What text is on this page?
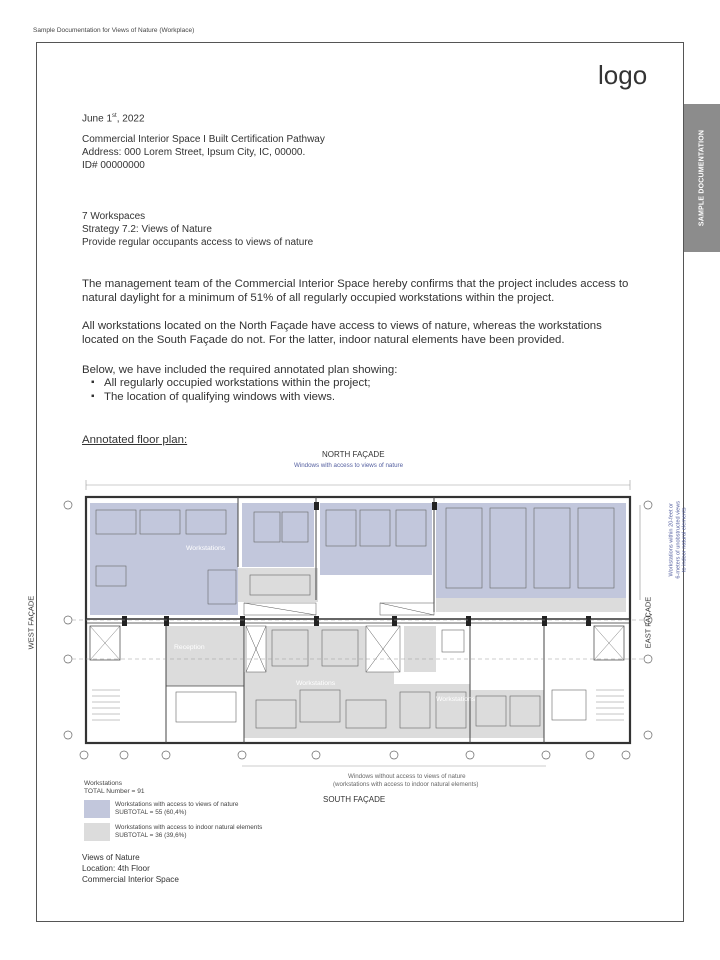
Sample Documentation for Views of Nature (Workplace)
SAMPLE DOCUMENTATION
logo
June 1st, 2022
Commercial Interior Space I Built Certification Pathway
Address: 000 Lorem Street, Ipsum City, IC, 00000.
ID# 00000000
7 Workspaces
Strategy 7.2: Views of Nature
Provide regular occupants access to views of nature
The management team of the Commercial Interior Space hereby confirms that the project includes access to natural daylight for a minimum of 51% of all regularly occupied workstations within the project.
All workstations located on the North Façade have access to views of nature, whereas the workstations located on the South Façade do not. For the latter, indoor natural elements have been provided.
Below, we have included the required annotated plan showing:
▪ All regularly occupied workstations within the project;
▪ The location of qualifying windows with views.
Annotated floor plan:
NORTH FAÇADE
Windows with access to views of nature
Workstations
Reception
Workstations
Workstations
WEST FAÇADE	EAST FAÇADE
Workstations within 20-feet or 6-meters of unobstructed views to indoor natural elements
Windows without access to views of nature
(workstations with access to indoor natural elements)
SOUTH FAÇADE
Workstations
TOTAL Number = 91
Workstations with access to views of nature
SUBTOTAL = 55 (60,4%)
Workstations with access to indoor natural elements
SUBTOTAL = 36 (39,6%)
Views of Nature
Location: 4th Floor
Commercial Interior Space
